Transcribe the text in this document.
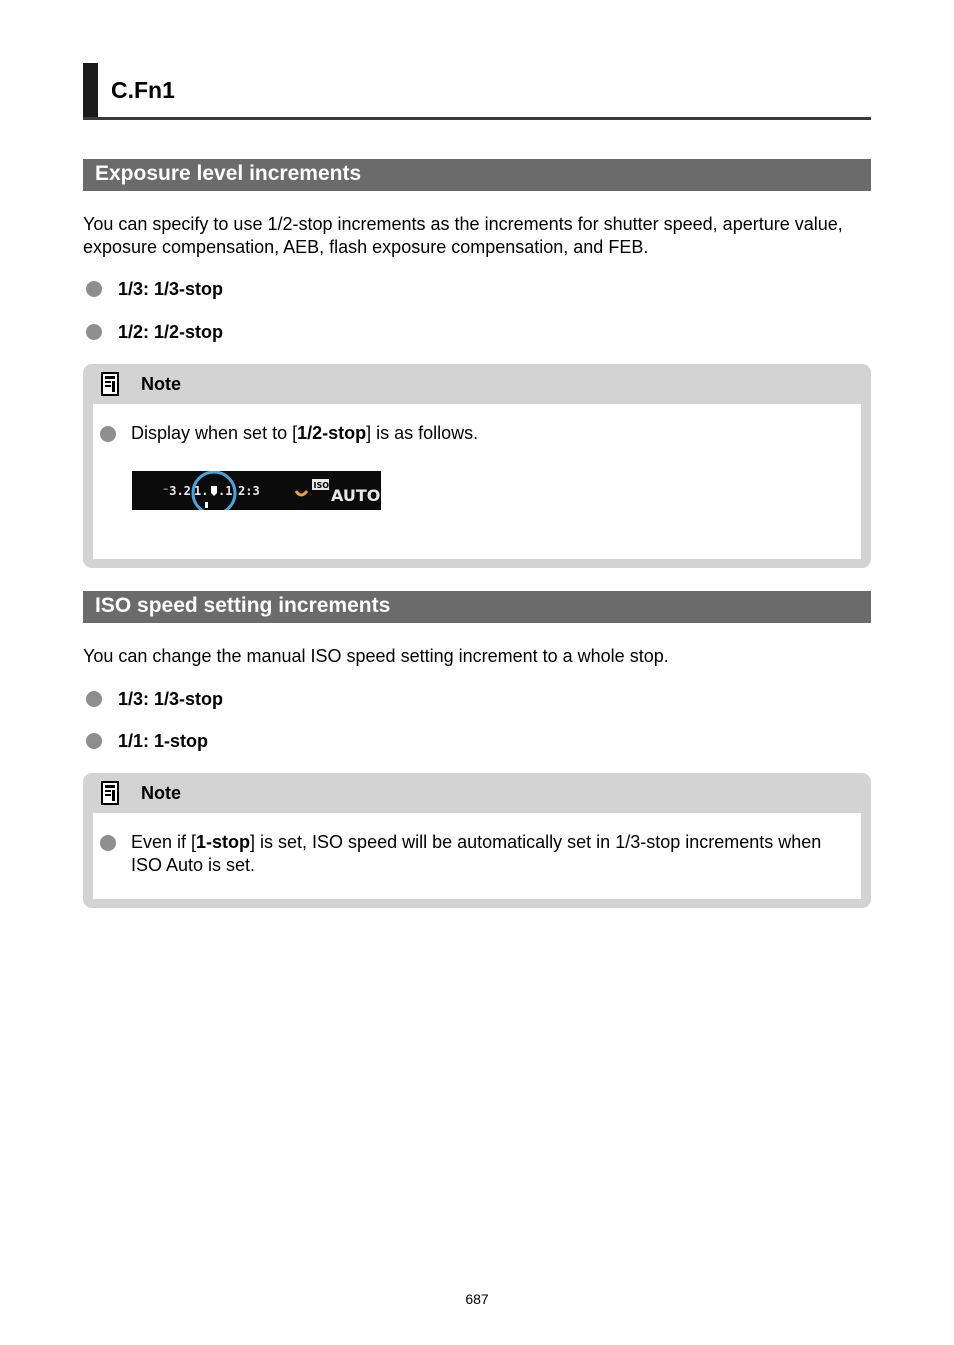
C.Fn1
Exposure level increments
You can specify to use 1/2-stop increments as the increments for shutter speed, aperture value, exposure compensation, AEB, flash exposure compensation, and FEB.
1/3: 1/3-stop
1/2: 1/2-stop
Note
Display when set to [1/2-stop] is as follows.
⁻3.2 1. .1 2:3	ISO
AUTO
ISO speed setting increments
You can change the manual ISO speed setting increment to a whole stop.
1/3: 1/3-stop
1/1: 1-stop
Note
Even if [1-stop] is set, ISO speed will be automatically set in 1/3-stop increments when ISO Auto is set.
687
